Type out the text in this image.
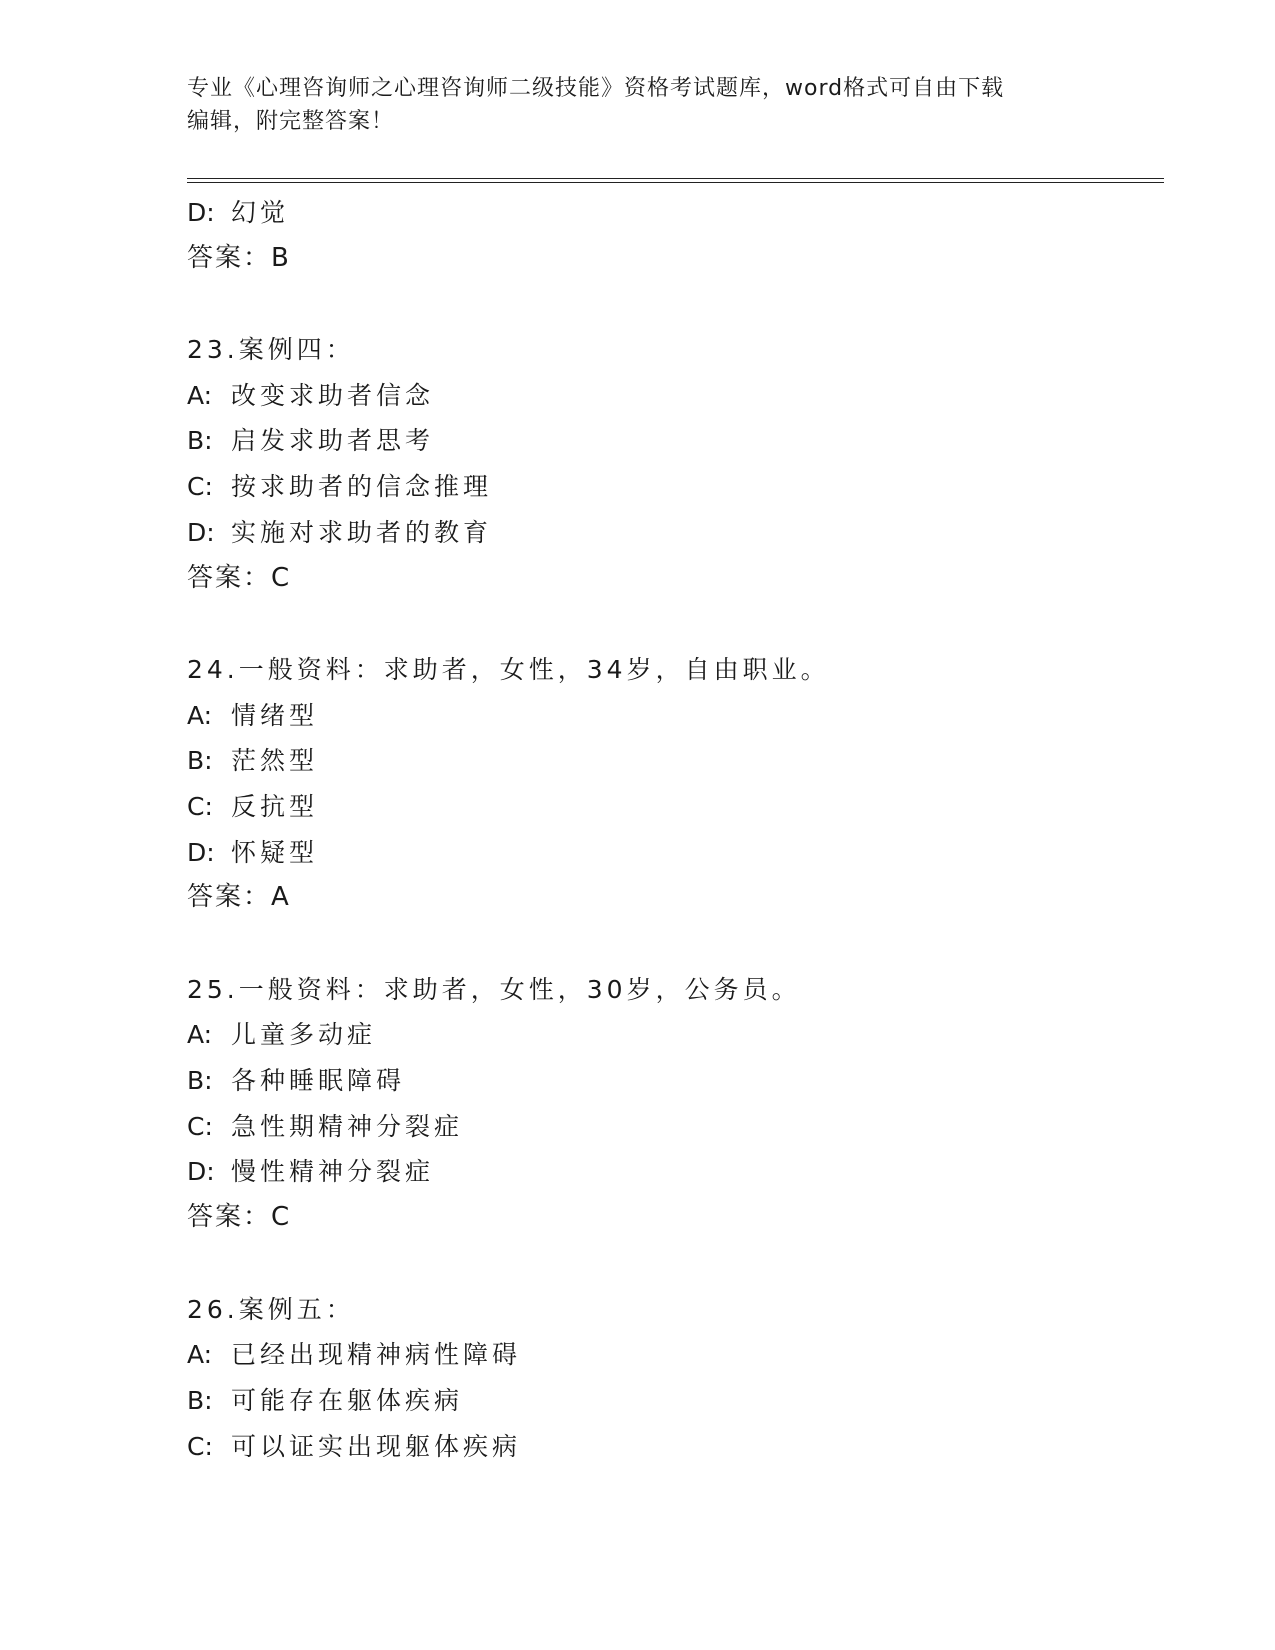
专业《心理咨询师之心理咨询师二级技能》资格考试题库，word格式可自由下载
编辑，附完整答案！
D: 幻觉
答案：B
23.案例四：
A: 改变求助者信念
B: 启发求助者思考
C: 按求助者的信念推理
D: 实施对求助者的教育
答案：C
24.一般资料：求助者，女性，34岁，自由职业。
A: 情绪型
B: 茫然型
C: 反抗型
D: 怀疑型
答案：A
25.一般资料：求助者，女性，30岁，公务员。
A: 儿童多动症
B: 各种睡眠障碍
C: 急性期精神分裂症
D: 慢性精神分裂症
答案：C
26.案例五：
A: 已经出现精神病性障碍
B: 可能存在躯体疾病
C: 可以证实出现躯体疾病
